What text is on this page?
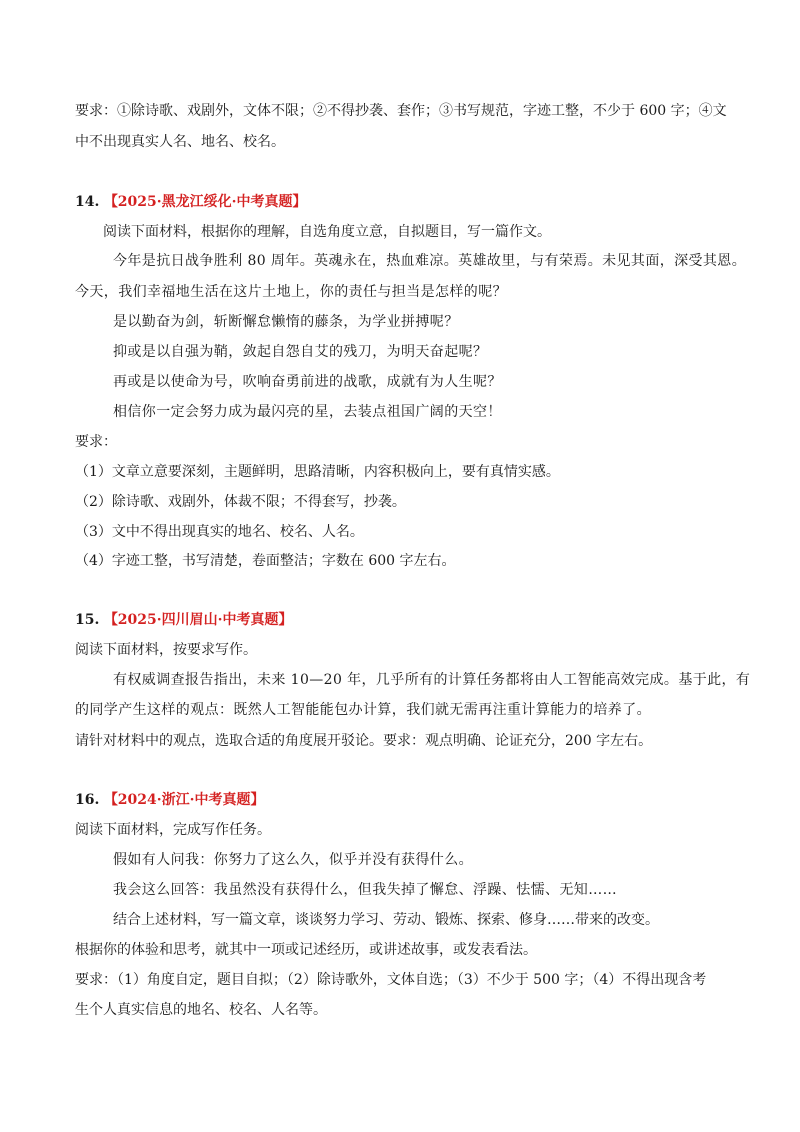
要求：①除诗歌、戏剧外，文体不限；②不得抄袭、套作；③书写规范，字迹工整，不少于 600 字；④文
中不出现真实人名、地名、校名。
14. 【2025·黑龙江绥化·中考真题】
阅读下面材料，根据你的理解，自选角度立意，自拟题目，写一篇作文。
今年是抗日战争胜利 80 周年。英魂永在，热血难凉。英雄故里，与有荣焉。未见其面，深受其恩。
今天，我们幸福地生活在这片土地上，你的责任与担当是怎样的呢？
是以勤奋为剑，斩断懈怠懒惰的藤条，为学业拼搏呢？
抑或是以自强为鞘，敛起自怨自艾的残刀，为明天奋起呢？
再或是以使命为号，吹响奋勇前进的战歌，成就有为人生呢？
相信你一定会努力成为最闪亮的星，去装点祖国广阔的天空！
要求：
（1）文章立意要深刻，主题鲜明，思路清晰，内容积极向上，要有真情实感。
（2）除诗歌、戏剧外，体裁不限；不得套写，抄袭。
（3）文中不得出现真实的地名、校名、人名。
（4）字迹工整，书写清楚，卷面整洁；字数在 600 字左右。
15. 【2025·四川眉山·中考真题】
阅读下面材料，按要求写作。
有权威调查报告指出，未来 10—20 年，几乎所有的计算任务都将由人工智能高效完成。基于此，有
的同学产生这样的观点：既然人工智能能包办计算，我们就无需再注重计算能力的培养了。
请针对材料中的观点，选取合适的角度展开驳论。要求：观点明确、论证充分，200 字左右。
16. 【2024·浙江·中考真题】
阅读下面材料，完成写作任务。
假如有人问我：你努力了这么久，似乎并没有获得什么。
我会这么回答：我虽然没有获得什么，但我失掉了懈怠、浮躁、怯懦、无知……
结合上述材料，写一篇文章，谈谈努力学习、劳动、锻炼、探索、修身……带来的改变。
根据你的体验和思考，就其中一项或记述经历，或讲述故事，或发表看法。
要求：（1）角度自定，题目自拟；（2）除诗歌外，文体自选；（3）不少于 500 字；（4）不得出现含考
生个人真实信息的地名、校名、人名等。
